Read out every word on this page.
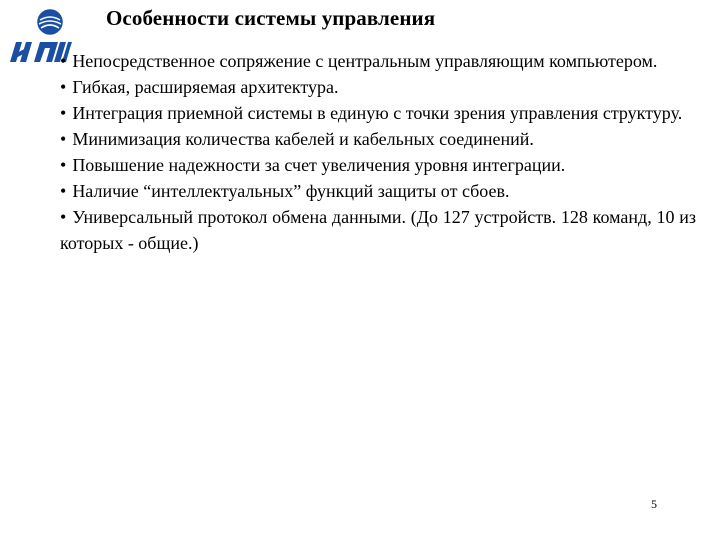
Особенности системы управления
• Непосредственное сопряжение с центральным управляющим компьютером.
• Гибкая, расширяемая архитектура.
• Интеграция приемной системы в единую с точки зрения управления структуру.
• Минимизация количества кабелей и кабельных соединений.
• Повышение надежности за счет увеличения уровня интеграции.
• Наличие “интеллектуальных” функций защиты от сбоев.
• Универсальный протокол обмена данными. (До 127 устройств. 128 команд, 10 из которых - общие.)
5
